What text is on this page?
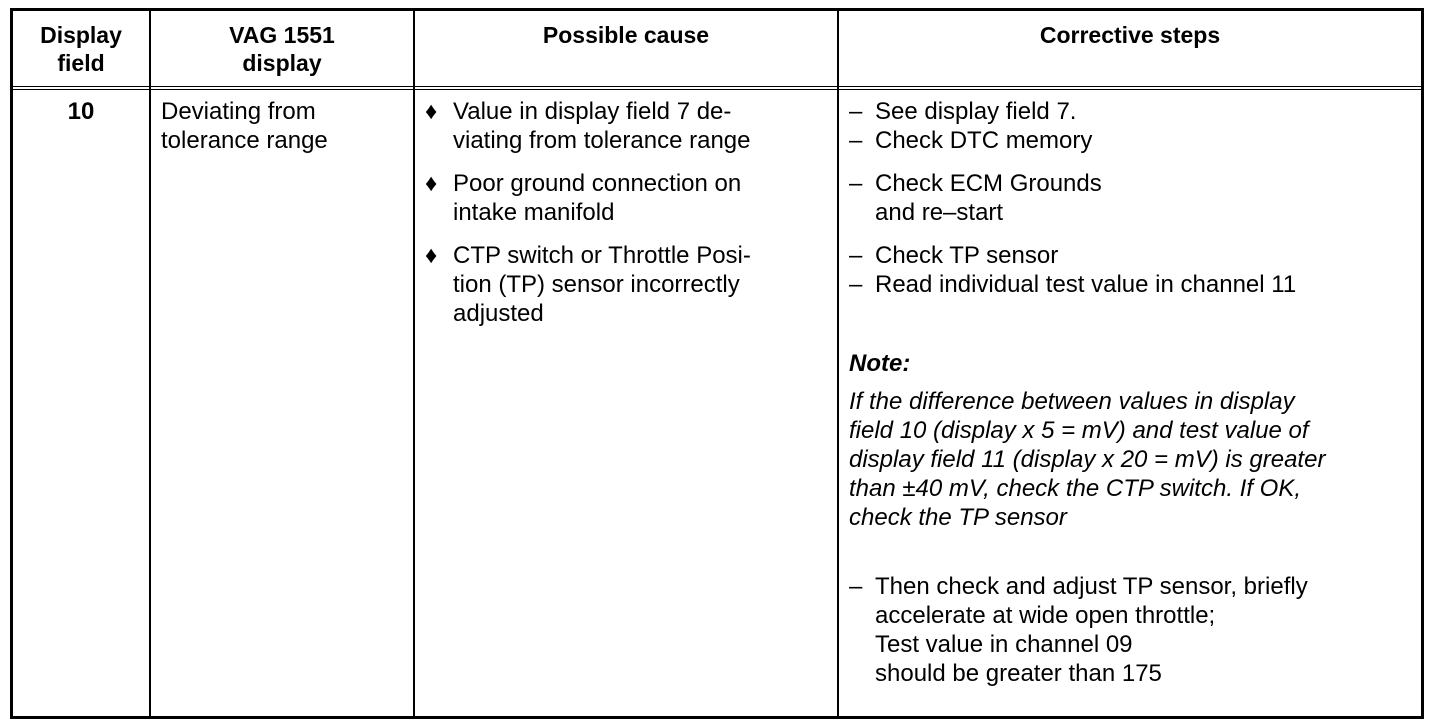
Display
field
VAG 1551
display
Possible cause	Corrective steps
10	Deviating from
tolerance range
♦ Value in display field 7 de-
viating from tolerance range
♦ Poor ground connection on
intake manifold
♦ CTP switch or Throttle Posi-
tion (TP) sensor incorrectly
adjusted
– See display field 7.
– Check DTC memory
– Check ECM Grounds
and re–start
– Check TP sensor
– Read individual test value in channel 11
Note:
If the difference between values in display
field 10 (display x 5 = mV) and test value of
display field 11 (display x 20 = mV) is greater
than ±40 mV, check the CTP switch. If OK,
check the TP sensor
– Then check and adjust TP sensor, briefly
accelerate at wide open throttle;
Test value in channel 09
should be greater than 175
